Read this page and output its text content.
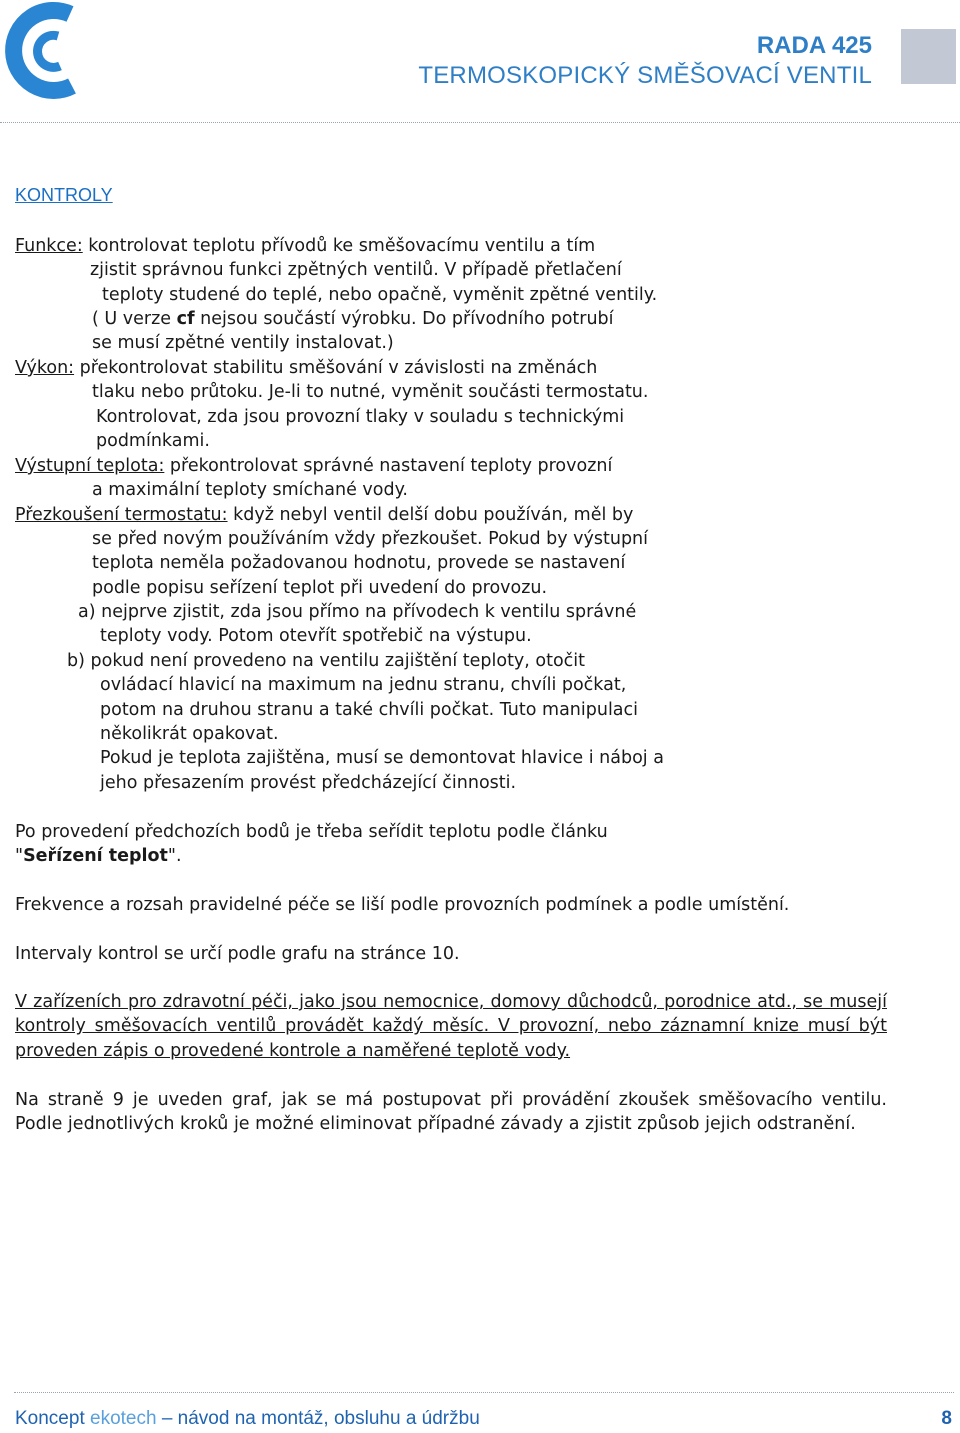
RADA 425
TERMOSKOPICKÝ SMĚŠOVACÍ VENTIL
KONTROLY
Funkce: kontrolovat teplotu přívodů ke směšovacímu ventilu a tím
zjistit správnou funkci zpětných ventilů. V případě přetlačení
teploty studené do teplé, nebo opačně, vyměnit zpětné ventily.
( U verze cf nejsou součástí výrobku. Do přívodního potrubí
se musí zpětné ventily instalovat.)
Výkon: překontrolovat stabilitu směšování v závislosti na změnách
tlaku nebo průtoku. Je-li to nutné, vyměnit součásti termostatu.
Kontrolovat, zda jsou provozní tlaky v souladu s technickými
podmínkami.
Výstupní teplota: překontrolovat správné nastavení teploty provozní
a maximální teploty smíchané vody.
Přezkoušení termostatu: když nebyl ventil delší dobu používán, měl by
se před novým používáním vždy přezkoušet. Pokud by výstupní
teplota neměla požadovanou hodnotu, provede se nastavení
podle popisu seřízení teplot při uvedení do provozu.
a) nejprve zjistit, zda jsou přímo na přívodech k ventilu správné
teploty vody. Potom otevřít spotřebič na výstupu.
b) pokud není provedeno na ventilu zajištění teploty, otočit
ovládací hlavicí na maximum na jednu stranu, chvíli počkat,
potom na druhou stranu a také chvíli počkat. Tuto manipulaci
několikrát opakovat.
Pokud je teplota zajištěna, musí se demontovat hlavice i náboj a
jeho přesazením provést předcházející činnosti.
Po provedení předchozích bodů je třeba seřídit teplotu podle článku
"Seřízení teplot".
Frekvence a rozsah pravidelné péče se liší podle provozních podmínek a podle umístění.
Intervaly kontrol se určí podle grafu na stránce 10.
V zařízeních pro zdravotní péči, jako jsou nemocnice, domovy důchodců, porodnice atd., se musejí kontroly směšovacích ventilů provádět každý měsíc. V provozní, nebo záznamní knize musí být proveden zápis o provedené kontrole a naměřené teplotě vody.
Na straně 9 je uveden graf, jak se má postupovat při provádění zkoušek směšovacího ventilu. Podle jednotlivých kroků je možné eliminovat případné závady a zjistit způsob jejich odstranění.
Koncept ekotech – návod na montáž, obsluhu a údržbu	8
